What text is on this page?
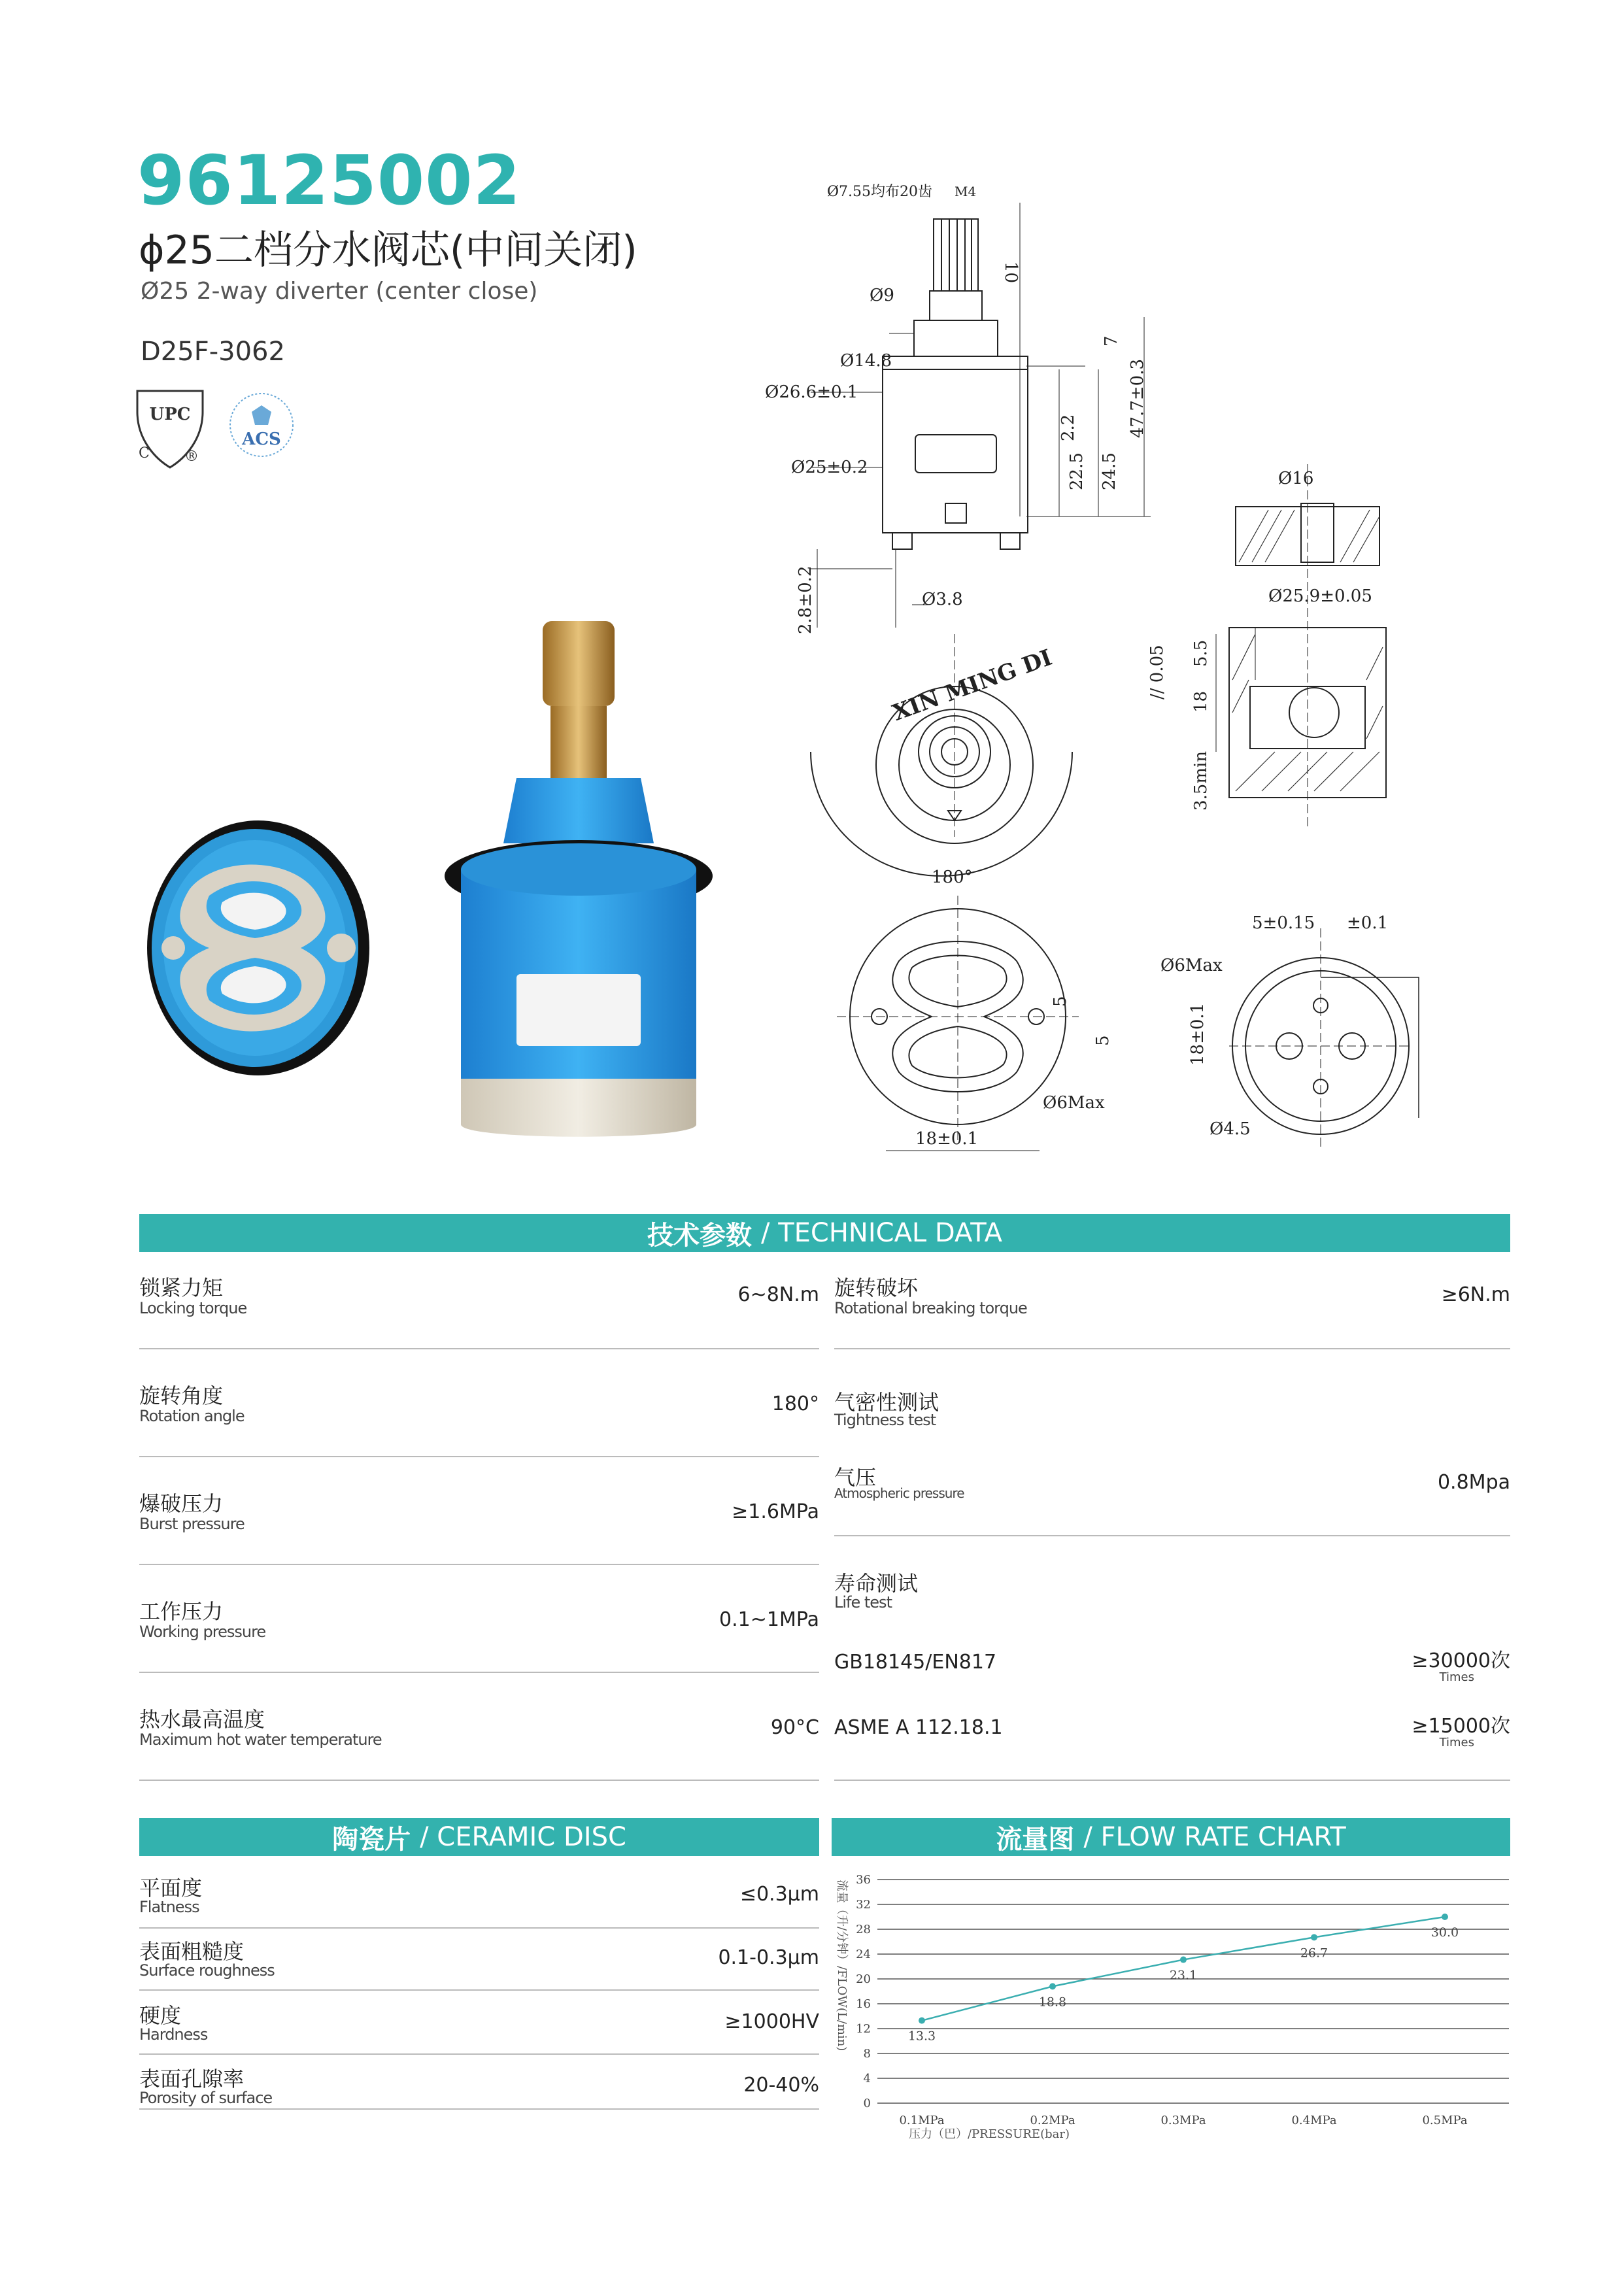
96125002
ϕ25二档分水阀芯(中间关闭)
Ø25 2-way diverter (center close)
D25F-3062
UPC
C ®
ACS
Ø7.55均布20齿 M4
10
Ø9
Ø14.8
Ø26.6±0.1
Ø25±0.2
7
2.2
22.5 24.5
47.7±0.3
2.8±0.2	Ø3.8
XIN MING DI
180°
Ø16
Ø25.9±0.05
// 0.05
18
5.5
3.5min
5
5
18±0.1
Ø6Max
5±0.15 ±0.1
Ø6Max
18±0.1
Ø4.5
技术参数 / TECHNICAL DATA
锁紧力矩
Locking torque
6~8N.m
旋转角度
Rotation angle
180°
爆破压力
Burst pressure
≥1.6MPa
工作压力
Working pressure
0.1~1MPa
热水最高温度
Maximum hot water temperature
90°C
旋转破坏
Rotational breaking torque
≥6N.m
气密性测试
Tightness test
气压
Atmospheric pressure	0.8Mpa
寿命测试
Life test
GB18145/EN817	≥30000次
Times
ASME A 112.18.1	≥15000次
Times
陶瓷片 / CERAMIC DISC
平面度
Flatness
≤0.3μm
表面粗糙度
Surface roughness
0.1-0.3μm
硬度
Hardness
≥1000HV
表面孔隙率
Porosity of surface
20-40%
流量图 / FLOW RATE CHART
0
4
8
12
16
20
24
28
32
36
0.1MPa	0.2MPa	0.3MPa	0.4MPa	0.5MPa
13.3
18.8
23.1
26.7
30.0
流量（升/分钟）/FLOW(L/min)
压力（巴）/PRESSURE(bar)
